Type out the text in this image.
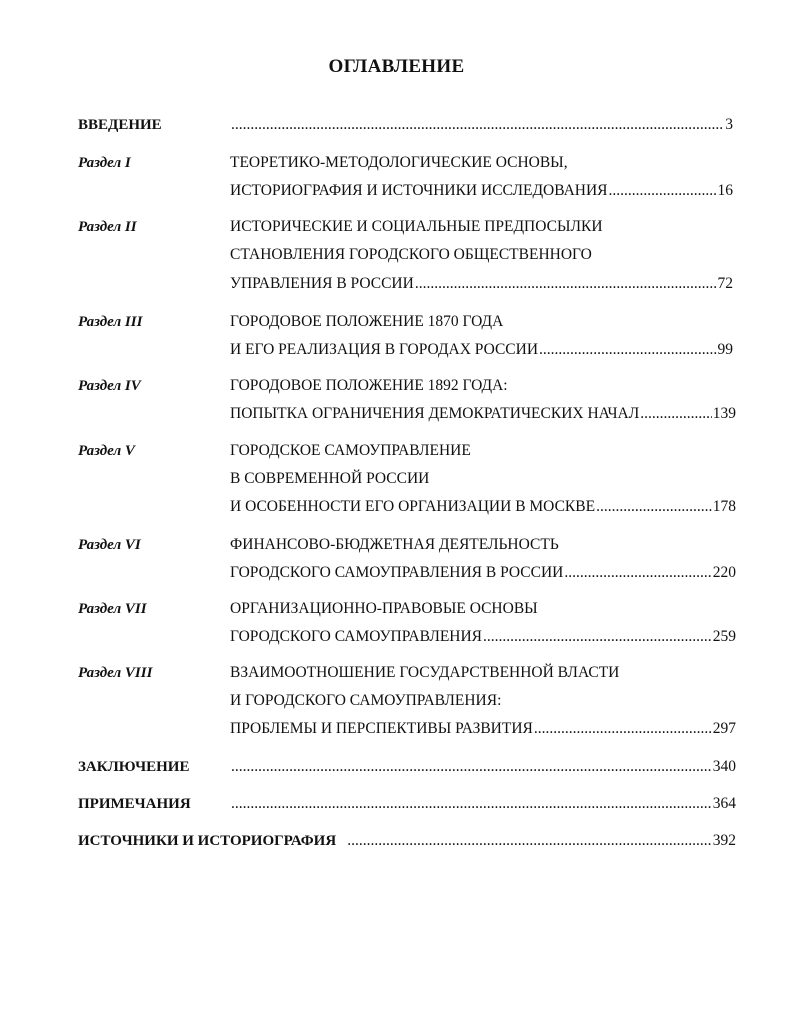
ОГЛАВЛЕНИЕ
ВВЕДЕНИЕ .....	3
Раздел I	ТЕОРЕТИКО-МЕТОДОЛОГИЧЕСКИЕ ОСНОВЫ,
ИСТОРИОГРАФИЯ И ИСТОЧНИКИ ИССЛЕДОВАНИЯ .....	16
Раздел II	ИСТОРИЧЕСКИЕ И СОЦИАЛЬНЫЕ ПРЕДПОСЫЛКИ
СТАНОВЛЕНИЯ ГОРОДСКОГО ОБЩЕСТВЕННОГО
УПРАВЛЕНИЯ В РОССИИ .....	72
Раздел III	ГОРОДОВОЕ ПОЛОЖЕНИЕ 1870 ГОДА
И ЕГО РЕАЛИЗАЦИЯ В ГОРОДАХ РОССИИ .....	99
Раздел IV	ГОРОДОВОЕ ПОЛОЖЕНИЕ 1892 ГОДА:
ПОПЫТКА ОГРАНИЧЕНИЯ ДЕМОКРАТИЧЕСКИХ НАЧАЛ .....	139
Раздел V	ГОРОДСКОЕ САМОУПРАВЛЕНИЕ
В СОВРЕМЕННОЙ РОССИИ
И ОСОБЕННОСТИ ЕГО ОРГАНИЗАЦИИ В МОСКВЕ .....	178
Раздел VI	ФИНАНСОВО-БЮДЖЕТНАЯ ДЕЯТЕЛЬНОСТЬ
ГОРОДСКОГО САМОУПРАВЛЕНИЯ В РОССИИ .....	220
Раздел VII	ОРГАНИЗАЦИОННО-ПРАВОВЫЕ ОСНОВЫ
ГОРОДСКОГО САМОУПРАВЛЕНИЯ .....	259
Раздел VIII	ВЗАИМООТНОШЕНИЕ ГОСУДАРСТВЕННОЙ ВЛАСТИ
И ГОРОДСКОГО САМОУПРАВЛЕНИЯ:
ПРОБЛЕМЫ И ПЕРСПЕКТИВЫ РАЗВИТИЯ .....	297
ЗАКЛЮЧЕНИЕ .....	340
ПРИМЕЧАНИЯ .....	364
ИСТОЧНИКИ И ИСТОРИОГРАФИЯ .....	392
